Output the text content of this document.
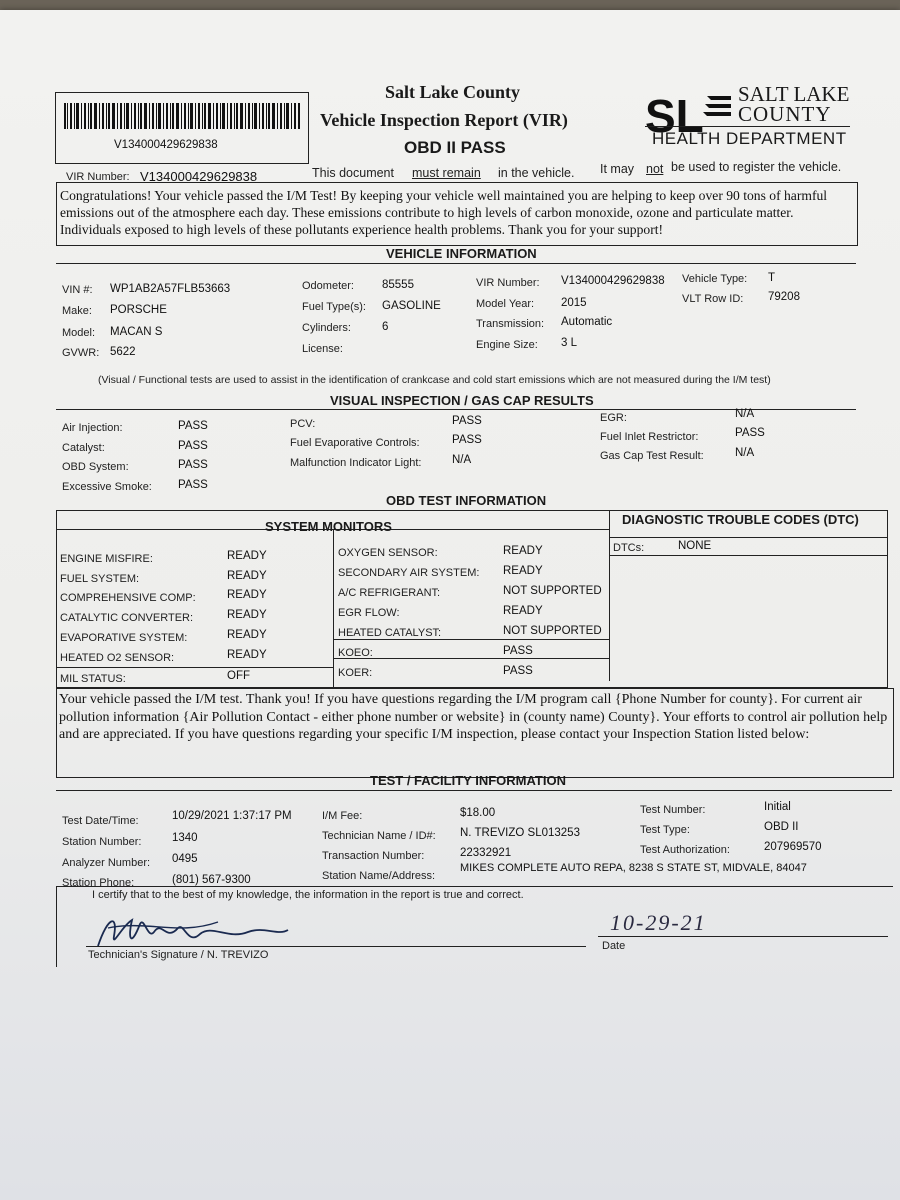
V134000429629838
Salt Lake County
Vehicle Inspection Report (VIR)
OBD II PASS
SL SALT LAKE
COUNTY
HEALTH DEPARTMENT
VIR Number: V134000429629838	This document must remain in the vehicle. It may not be used to register the vehicle.
Congratulations! Your vehicle passed the I/M Test! By keeping your vehicle well maintained you are helping to keep over 90 tons of harmful emissions out of the atmosphere each day. These emissions contribute to high levels of carbon monoxide, ozone and particulate matter. Individuals exposed to high levels of these pollutants experience health problems. Thank you for your support!
VEHICLE INFORMATION
VIN #: WP1AB2A57FLB53663
Make: PORSCHE
Model: MACAN S
GVWR: 5622
Odometer: 85555
Fuel Type(s): GASOLINE
Cylinders:	6
License:
VIR Number: V134000429629838
Model Year: 2015
Transmission: Automatic
Engine Size: 3 L
Vehicle Type: T
VLT Row ID: 79208
(Visual / Functional tests are used to assist in the identification of crankcase and cold start emissions which are not measured during the I/M test)
VISUAL INSPECTION / GAS CAP RESULTS
Air Injection:	PASS
Catalyst:	PASS
OBD System:	PASS
Excessive Smoke: PASS
PCV:	PASS
Fuel Evaporative Controls:	PASS
Malfunction Indicator Light:	N/A
EGR:	N/A
Fuel Inlet Restrictor:	PASS
Gas Cap Test Result:	N/A
OBD TEST INFORMATION
SYSTEM MONITORS	DIAGNOSTIC TROUBLE CODES (DTC)
DTCs:	NONE
ENGINE MISFIRE:	READY
FUEL SYSTEM:	READY
COMPREHENSIVE COMP:	READY
CATALYTIC CONVERTER:	READY
EVAPORATIVE SYSTEM:	READY
HEATED O2 SENSOR:	READY
MIL STATUS:	OFF
OXYGEN SENSOR:	READY
SECONDARY AIR SYSTEM: READY
A/C REFRIGERANT:	NOT SUPPORTED
EGR FLOW:	READY
HEATED CATALYST:	NOT SUPPORTED
KOEO:	PASS
KOER:	PASS
Your vehicle passed the I/M test. Thank you! If you have questions regarding the I/M program call {Phone Number for county}. For current air pollution information {Air Pollution Contact - either phone number or website} in (county name) County}. Your efforts to control air pollution help and are appreciated. If you have questions regarding your specific I/M inspection, please contact your Inspection Station listed below:
TEST / FACILITY INFORMATION
Test Date/Time:	10/29/2021 1:37:17 PM
Station Number:	1340
Analyzer Number: 0495
Station Phone:	(801) 567-9300
I/M Fee:	$18.00
Technician Name / ID#: N. TREVIZO SL013253
Transaction Number:	22332921
Station Name/Address:
MIKES COMPLETE AUTO REPA, 8238 S STATE ST, MIDVALE, 84047
Test Number:	Initial
Test Type:	OBD II
Test Authorization:	207969570
I certify that to the best of my knowledge, the information in the report is true and correct.
Technician's Signature / N. TREVIZO
10-29-21
Date
